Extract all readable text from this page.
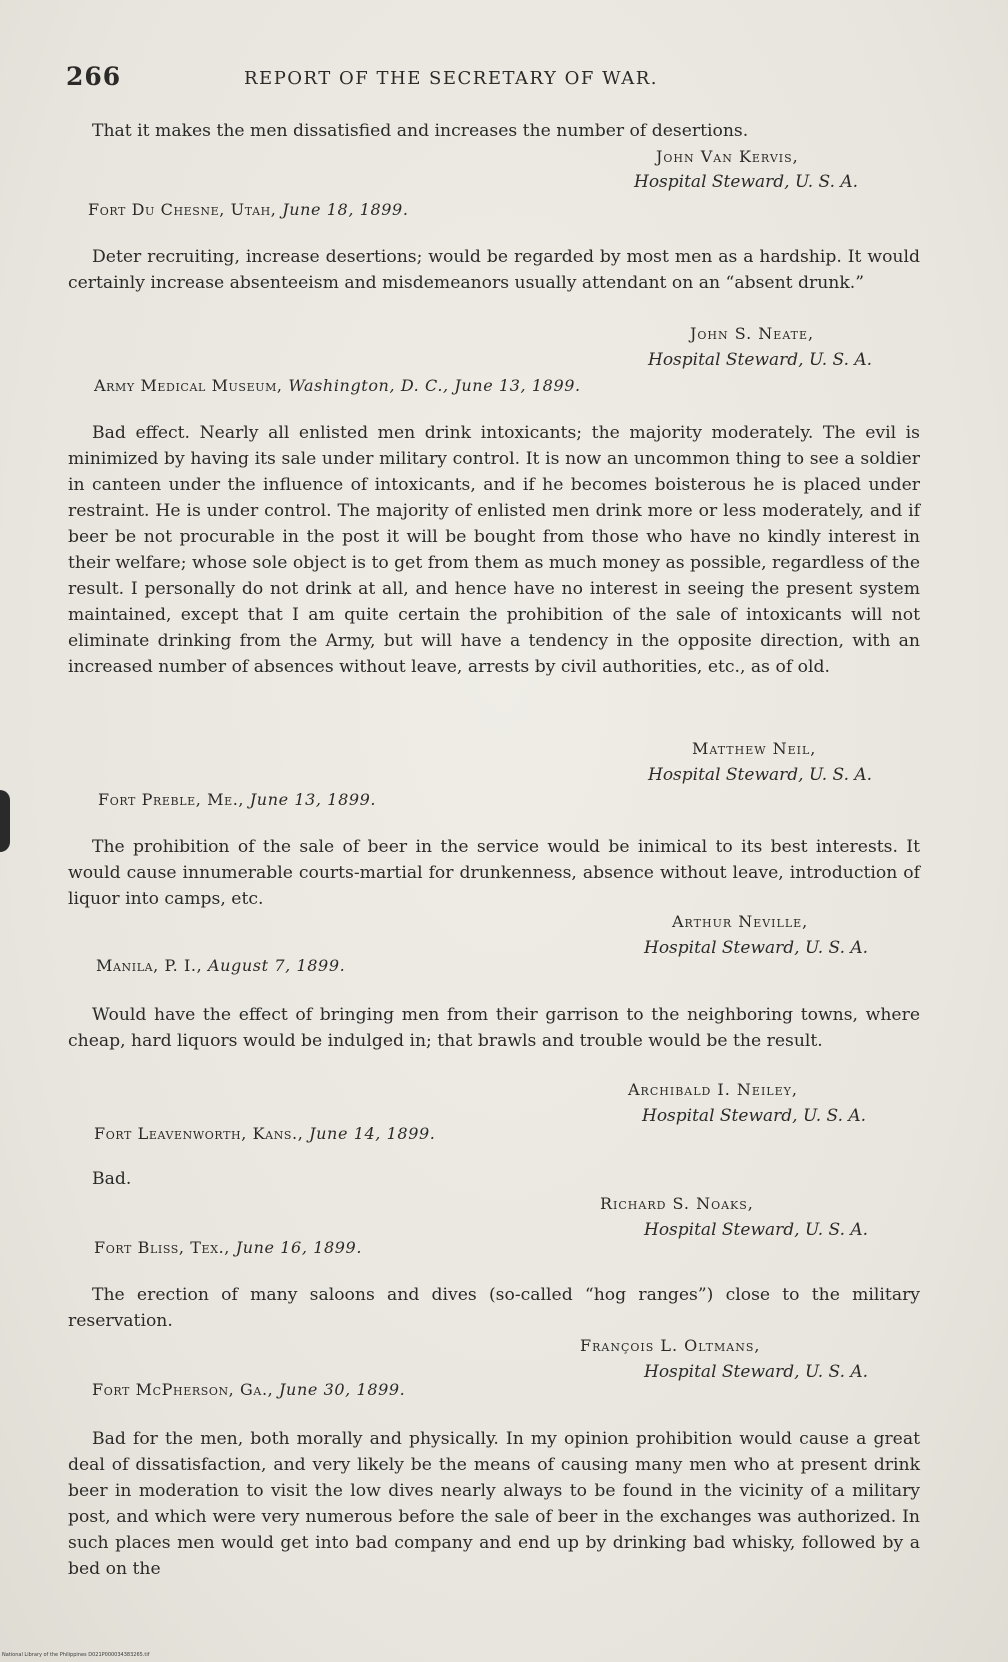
266	REPORT OF THE SECRETARY OF WAR.

That it makes the men dissatisfied and increases the number of desertions.

John Van Kervis,
Hospital Steward, U. S. A.
Fort Du Chesne, Utah, June 18, 1899.

Deter recruiting, increase desertions; would be regarded by most men as a hardship. It would certainly increase absenteeism and misdemeanors usually attendant on an “absent drunk.”

John S. Neate,
Hospital Steward, U. S. A.
Army Medical Museum, Washington, D. C., June 13, 1899.

Bad effect. Nearly all enlisted men drink intoxicants; the majority moderately. The evil is minimized by having its sale under military control. It is now an uncommon thing to see a soldier in canteen under the influence of intoxicants, and if he becomes boisterous he is placed under restraint. He is under control. The majority of enlisted men drink more or less moderately, and if beer be not procurable in the post it will be bought from those who have no kindly interest in their welfare; whose sole object is to get from them as much money as possible, regardless of the result. I personally do not drink at all, and hence have no interest in seeing the present system maintained, except that I am quite certain the prohibition of the sale of intoxicants will not eliminate drinking from the Army, but will have a tendency in the opposite direction, with an increased number of absences without leave, arrests by civil authorities, etc., as of old.

Matthew Neil,
Hospital Steward, U. S. A.
Fort Preble, Me., June 13, 1899.

The prohibition of the sale of beer in the service would be inimical to its best interests. It would cause innumerable courts-martial for drunkenness, absence without leave, introduction of liquor into camps, etc.

Arthur Neville,
Hospital Steward, U. S. A.
Manila, P. I., August 7, 1899.

Would have the effect of bringing men from their garrison to the neighboring towns, where cheap, hard liquors would be indulged in; that brawls and trouble would be the result.

Archibald I. Neiley,
Hospital Steward, U. S. A.
Fort Leavenworth, Kans., June 14, 1899.

Bad.

Richard S. Noaks,
Hospital Steward, U. S. A.
Fort Bliss, Tex., June 16, 1899.

The erection of many saloons and dives (so-called “hog ranges”) close to the military reservation.

François L. Oltmans,
Hospital Steward, U. S. A.
Fort McPherson, Ga., June 30, 1899.

Bad for the men, both morally and physically. In my opinion prohibition would cause a great deal of dissatisfaction, and very likely be the means of causing many men who at present drink beer in moderation to visit the low dives nearly always to be found in the vicinity of a military post, and which were very numerous before the sale of beer in the exchanges was authorized. In such places men would get into bad company and end up by drinking bad whisky, followed by a bed on the

National Library of the Philippines D021P000034383265.tif
